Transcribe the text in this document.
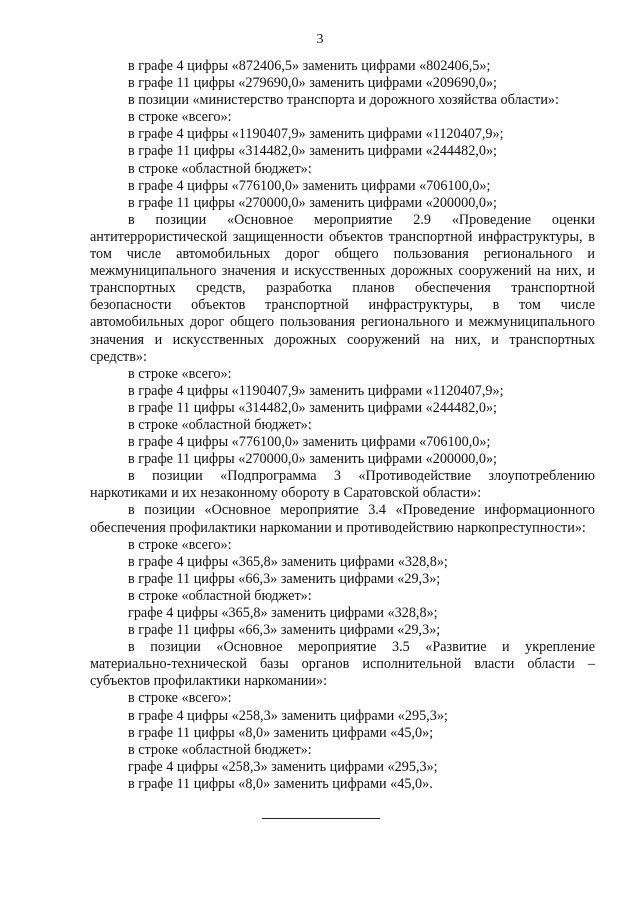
3

в графе 4 цифры «872406,5» заменить цифрами «802406,5»;

в графе 11 цифры «279690,0» заменить цифрами «209690,0»;

в позиции «министерство транспорта и дорожного хозяйства области»:

в строке «всего»:

в графе 4 цифры «1190407,9» заменить цифрами «1120407,9»;

в графе 11 цифры «314482,0» заменить цифрами «244482,0»;

в строке «областной бюджет»:

в графе 4 цифры «776100,0» заменить цифрами «706100,0»;

в графе 11 цифры «270000,0» заменить цифрами «200000,0»;

в позиции «Основное мероприятие 2.9 «Проведение оценки антитеррористической защищенности объектов транспортной инфраструктуры, в том числе автомобильных дорог общего пользования регионального и межмуниципального значения и искусственных дорожных сооружений на них, и транспортных средств, разработка планов обеспечения транспортной безопасности объектов транспортной инфраструктуры, в том числе автомобильных дорог общего пользования регионального и межмуниципального значения и искусственных дорожных сооружений на них, и транспортных средств»:

в строке «всего»:

в графе 4 цифры «1190407,9» заменить цифрами «1120407,9»;

в графе 11 цифры «314482,0» заменить цифрами «244482,0»;

в строке «областной бюджет»:

в графе 4 цифры «776100,0» заменить цифрами «706100,0»;

в графе 11 цифры «270000,0» заменить цифрами «200000,0»;

в позиции «Подпрограмма 3 «Противодействие злоупотреблению наркотиками и их незаконному обороту в Саратовской области»:

в позиции «Основное мероприятие 3.4 «Проведение информационного обеспечения профилактики наркомании и противодействию наркопреступности»:

в строке «всего»:

в графе 4 цифры «365,8» заменить цифрами «328,8»;

в графе 11 цифры «66,3» заменить цифрами «29,3»;

в строке «областной бюджет»:

графе 4 цифры «365,8» заменить цифрами «328,8»;

в графе 11 цифры «66,3» заменить цифрами «29,3»;

в позиции «Основное мероприятие 3.5 «Развитие и укрепление материально-технической базы органов исполнительной власти области – субъектов профилактики наркомании»:

в строке «всего»:

в графе 4 цифры «258,3» заменить цифрами «295,3»;

в графе 11 цифры «8,0» заменить цифрами «45,0»;

в строке «областной бюджет»:

графе 4 цифры «258,3» заменить цифрами «295,3»;

в графе 11 цифры «8,0» заменить цифрами «45,0».
